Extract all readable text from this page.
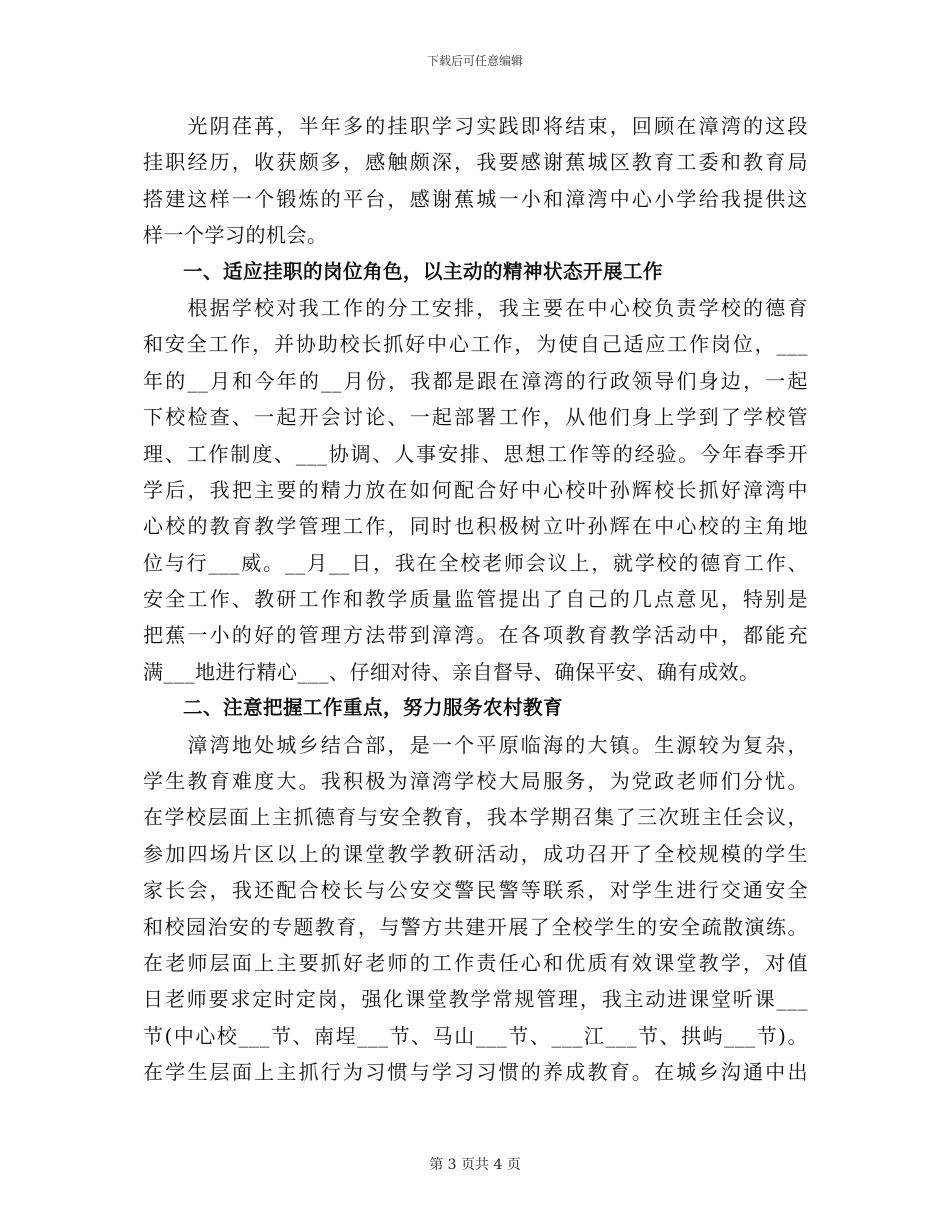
下载后可任意编辑
　　光阴荏苒，半年多的挂职学习实践即将结束，回顾在漳湾的这段
挂职经历，收获颇多，感触颇深，我要感谢蕉城区教育工委和教育局
搭建这样一个锻炼的平台，感谢蕉城一小和漳湾中心小学给我提供这
样一个学习的机会。
　　一、适应挂职的岗位角色，以主动的精神状态开展工作
　　根据学校对我工作的分工安排，我主要在中心校负责学校的德育
和安全工作，并协助校长抓好中心工作，为使自己适应工作岗位，___
年的__月和今年的__月份，我都是跟在漳湾的行政领导们身边，一起
下校检查、一起开会讨论、一起部署工作，从他们身上学到了学校管
理、工作制度、___协调、人事安排、思想工作等的经验。今年春季开
学后，我把主要的精力放在如何配合好中心校叶孙辉校长抓好漳湾中
心校的教育教学管理工作，同时也积极树立叶孙辉在中心校的主角地
位与行___威。__月__日，我在全校老师会议上，就学校的德育工作、
安全工作、教研工作和教学质量监管提出了自己的几点意见，特别是
把蕉一小的好的管理方法带到漳湾。在各项教育教学活动中，都能充
满___地进行精心___、仔细对待、亲自督导、确保平安、确有成效。
　　二、注意把握工作重点，努力服务农村教育
　　漳湾地处城乡结合部，是一个平原临海的大镇。生源较为复杂，
学生教育难度大。我积极为漳湾学校大局服务，为党政老师们分忧。
在学校层面上主抓德育与安全教育，我本学期召集了三次班主任会议，
参加四场片区以上的课堂教学教研活动，成功召开了全校规模的学生
家长会，我还配合校长与公安交警民警等联系，对学生进行交通安全
和校园治安的专题教育，与警方共建开展了全校学生的安全疏散演练。
在老师层面上主要抓好老师的工作责任心和优质有效课堂教学，对值
日老师要求定时定岗，强化课堂教学常规管理，我主动进课堂听课___
节(中心校___节、南埕___节、马山___节、___江___节、拱屿___节)。
在学生层面上主抓行为习惯与学习习惯的养成教育。在城乡沟通中出
第 3 页共 4 页
